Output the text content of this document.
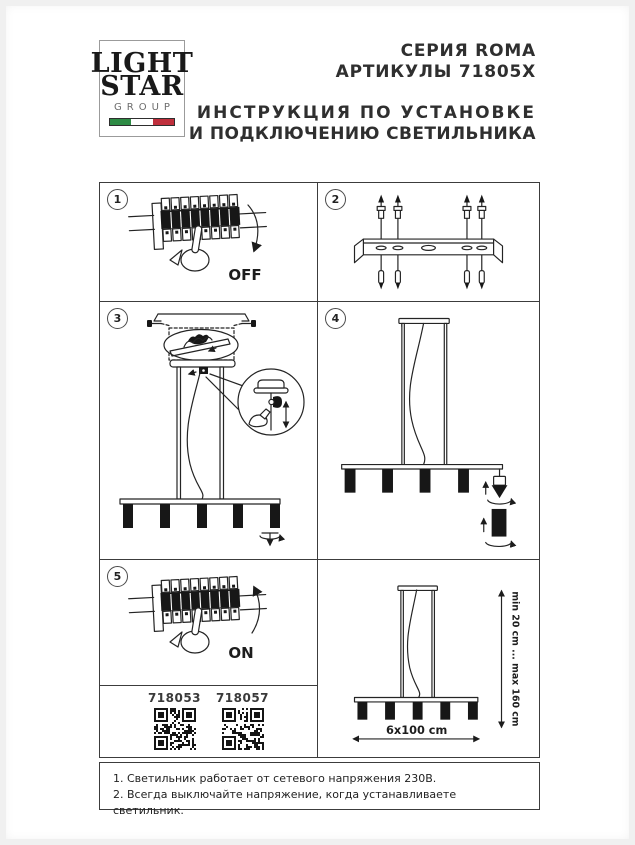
LIGHT
STAR
GROUP
СЕРИЯ ROMA
АРТИКУЛЫ 71805X
ИНСТРУКЦИЯ ПО УСТАНОВКЕ
И ПОДКЛЮЧЕНИЮ СВЕТИЛЬНИКА
1
OFF
2
3	4
5
ON
718053 718057
6x100 cm
min 20 cm ... max 160 cm
1. Светильник работает от сетевого напряжения 230В.
2. Всегда выключайте напряжение, когда устанавливаете светильник.
